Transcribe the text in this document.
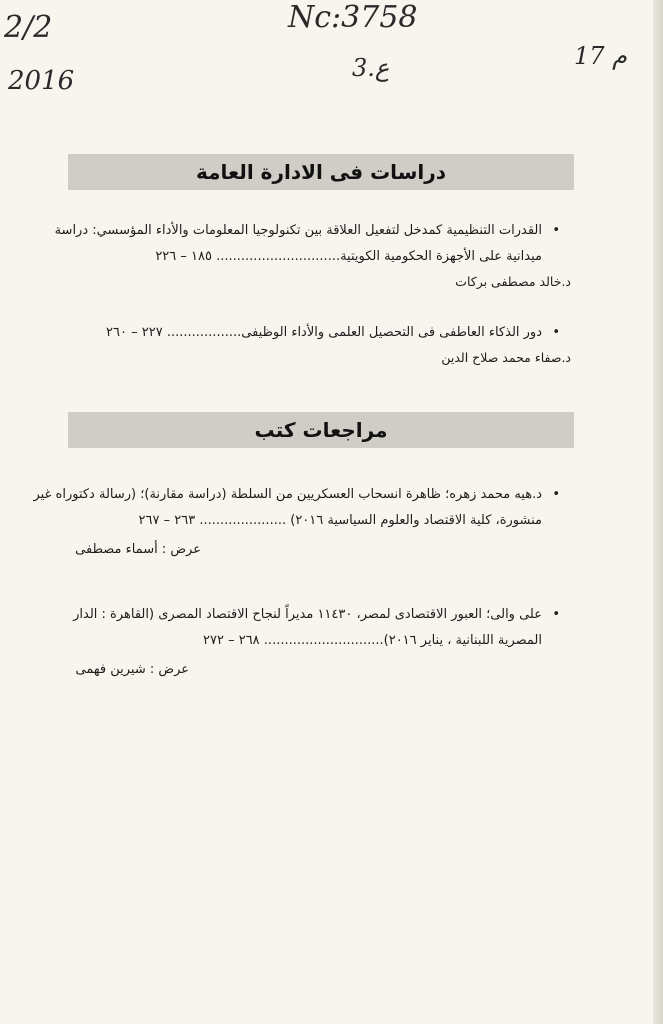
2/2
2016
Nc:3758
3.ع	17 م
دراسات فى الادارة العامة
•
القدرات التنظيمية كمدخل لتفعيل العلاقة بين تكنولوجيا المعلومات والأداء المؤسسي: دراسة
ميدانية على الأجهزة الحكومية الكويتية.............................. ١٨٥ – ٢٢٦
د.خالد مصطفى بركات
•
دور الذكاء العاطفى فى التحصيل العلمى والأداء الوظيفى.................. ٢٢٧ – ٢٦٠
د.صفاء محمد صلاح الدين
مراجعات كتب
•
د.هيه محمد زهره؛ ظاهرة انسحاب العسكريين من السلطة (دراسة مقارنة)؛ (رسالة دكتوراه غير
منشورة، كلية الاقتصاد والعلوم السياسية ٢٠١٦) ..................... ٢٦٣ – ٢٦٧
عرض : أسماء مصطفى
•
على والى؛ العبور الاقتصادى لمصر، ١١٤٣٠ مديراً لنجاح الاقتصاد المصرى (القاهرة : الدار
المصرية اللبنانية ، يناير ٢٠١٦)............................. ٢٦٨ – ٢٧٢
عرض : شيرين فهمى
